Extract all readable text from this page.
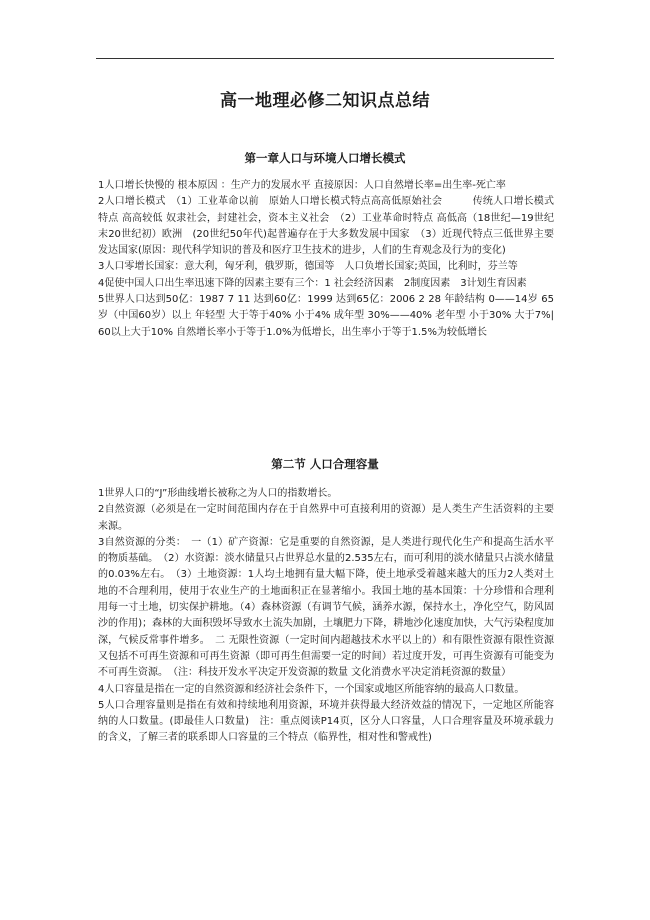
高一地理必修二知识点总结
第一章人口与环境人口增长模式

1人口增长快慢的 根本原因 ：生产力的发展水平 直接原因：人口自然增长率=出生率-死亡率

2人口增长模式　（1）工业革命以前　原始人口增长模式特点高高低原始社会　　　传统人口增长模式 特点 高高较低 奴隶社会，封建社会，资本主义社会　（2）工业革命时特点 高低高（18世纪—19世纪末20世纪初）欧洲　(20世纪50年代)起普遍存在于大多数发展中国家　（3）近现代特点三低世界主要发达国家(原因：现代科学知识的普及和医疗卫生技术的进步，人们的生育观念及行为的变化)

3人口零增长国家：意大利，匈牙利，俄罗斯，德国等　人口负增长国家;英国，比利时，芬兰等

4促使中国人口出生率迅速下降的因素主要有三个：1 社会经济因素　2制度因素　3计划生育因素

5世界人口达到50亿：1987 7 11 达到60亿：1999 达到65亿：2006 2 28 年龄结构 0——14岁 65岁（中国60岁）以上 年轻型 大于等于40% 小于4% 成年型 30%——40% 老年型 小于30% 大于7%|60以上大于10% 自然增长率小于等于1.0%为低增长，出生率小于等于1.5%为较低增长

第二节 人口合理容量

1世界人口的“J”形曲线增长被称之为人口的指数增长。

2自然资源（必须是在一定时间范围内存在于自然界中可直接利用的资源）是人类生产生活资料的主要来源。

3自然资源的分类：　一（1）矿产资源：它是重要的自然资源，是人类进行现代化生产和提高生活水平的物质基础。　（2）水资源：淡水储量只占世界总水量的2.535左右，而可利用的淡水储量只占淡水储量的0.03%左右。　（3）土地资源：1人均土地拥有量大幅下降，使土地承受着越来越大的压力2人类对土地的不合理利用，使用于农业生产的土地面积正在显著缩小。我国土地的基本国策：十分珍惜和合理利用每一寸土地，切实保护耕地。（4）森林资源（有调节气候，涵养水源，保持水土，净化空气，防风固沙的作用)；森林的大面积毁坏导致水土流失加剧，土壤肥力下降，耕地沙化速度加快，大气污染程度加深，气候反常事件增多。　二 无限性资源（一定时间内超越技术水平以上的）和有限性资源有限性资源又包括不可再生资源和可再生资源（即可再生但需要一定的时间）若过度开发，可再生资源有可能变为不可再生资源。　（注：科技开发水平决定开发资源的数量 文化消费水平决定消耗资源的数量）

4人口容量是指在一定的自然资源和经济社会条件下，一个国家或地区所能容纳的最高人口数量。

5人口合理容量则是指在有效和持续地利用资源，环境并获得最大经济效益的情况下，一定地区所能容纳的人口数量。(即最佳人口数量)　注：重点阅读P14页，区分人口容量，人口合理容量及环境承载力的含义，了解三者的联系即人口容量的三个特点（临界性，相对性和警戒性)
